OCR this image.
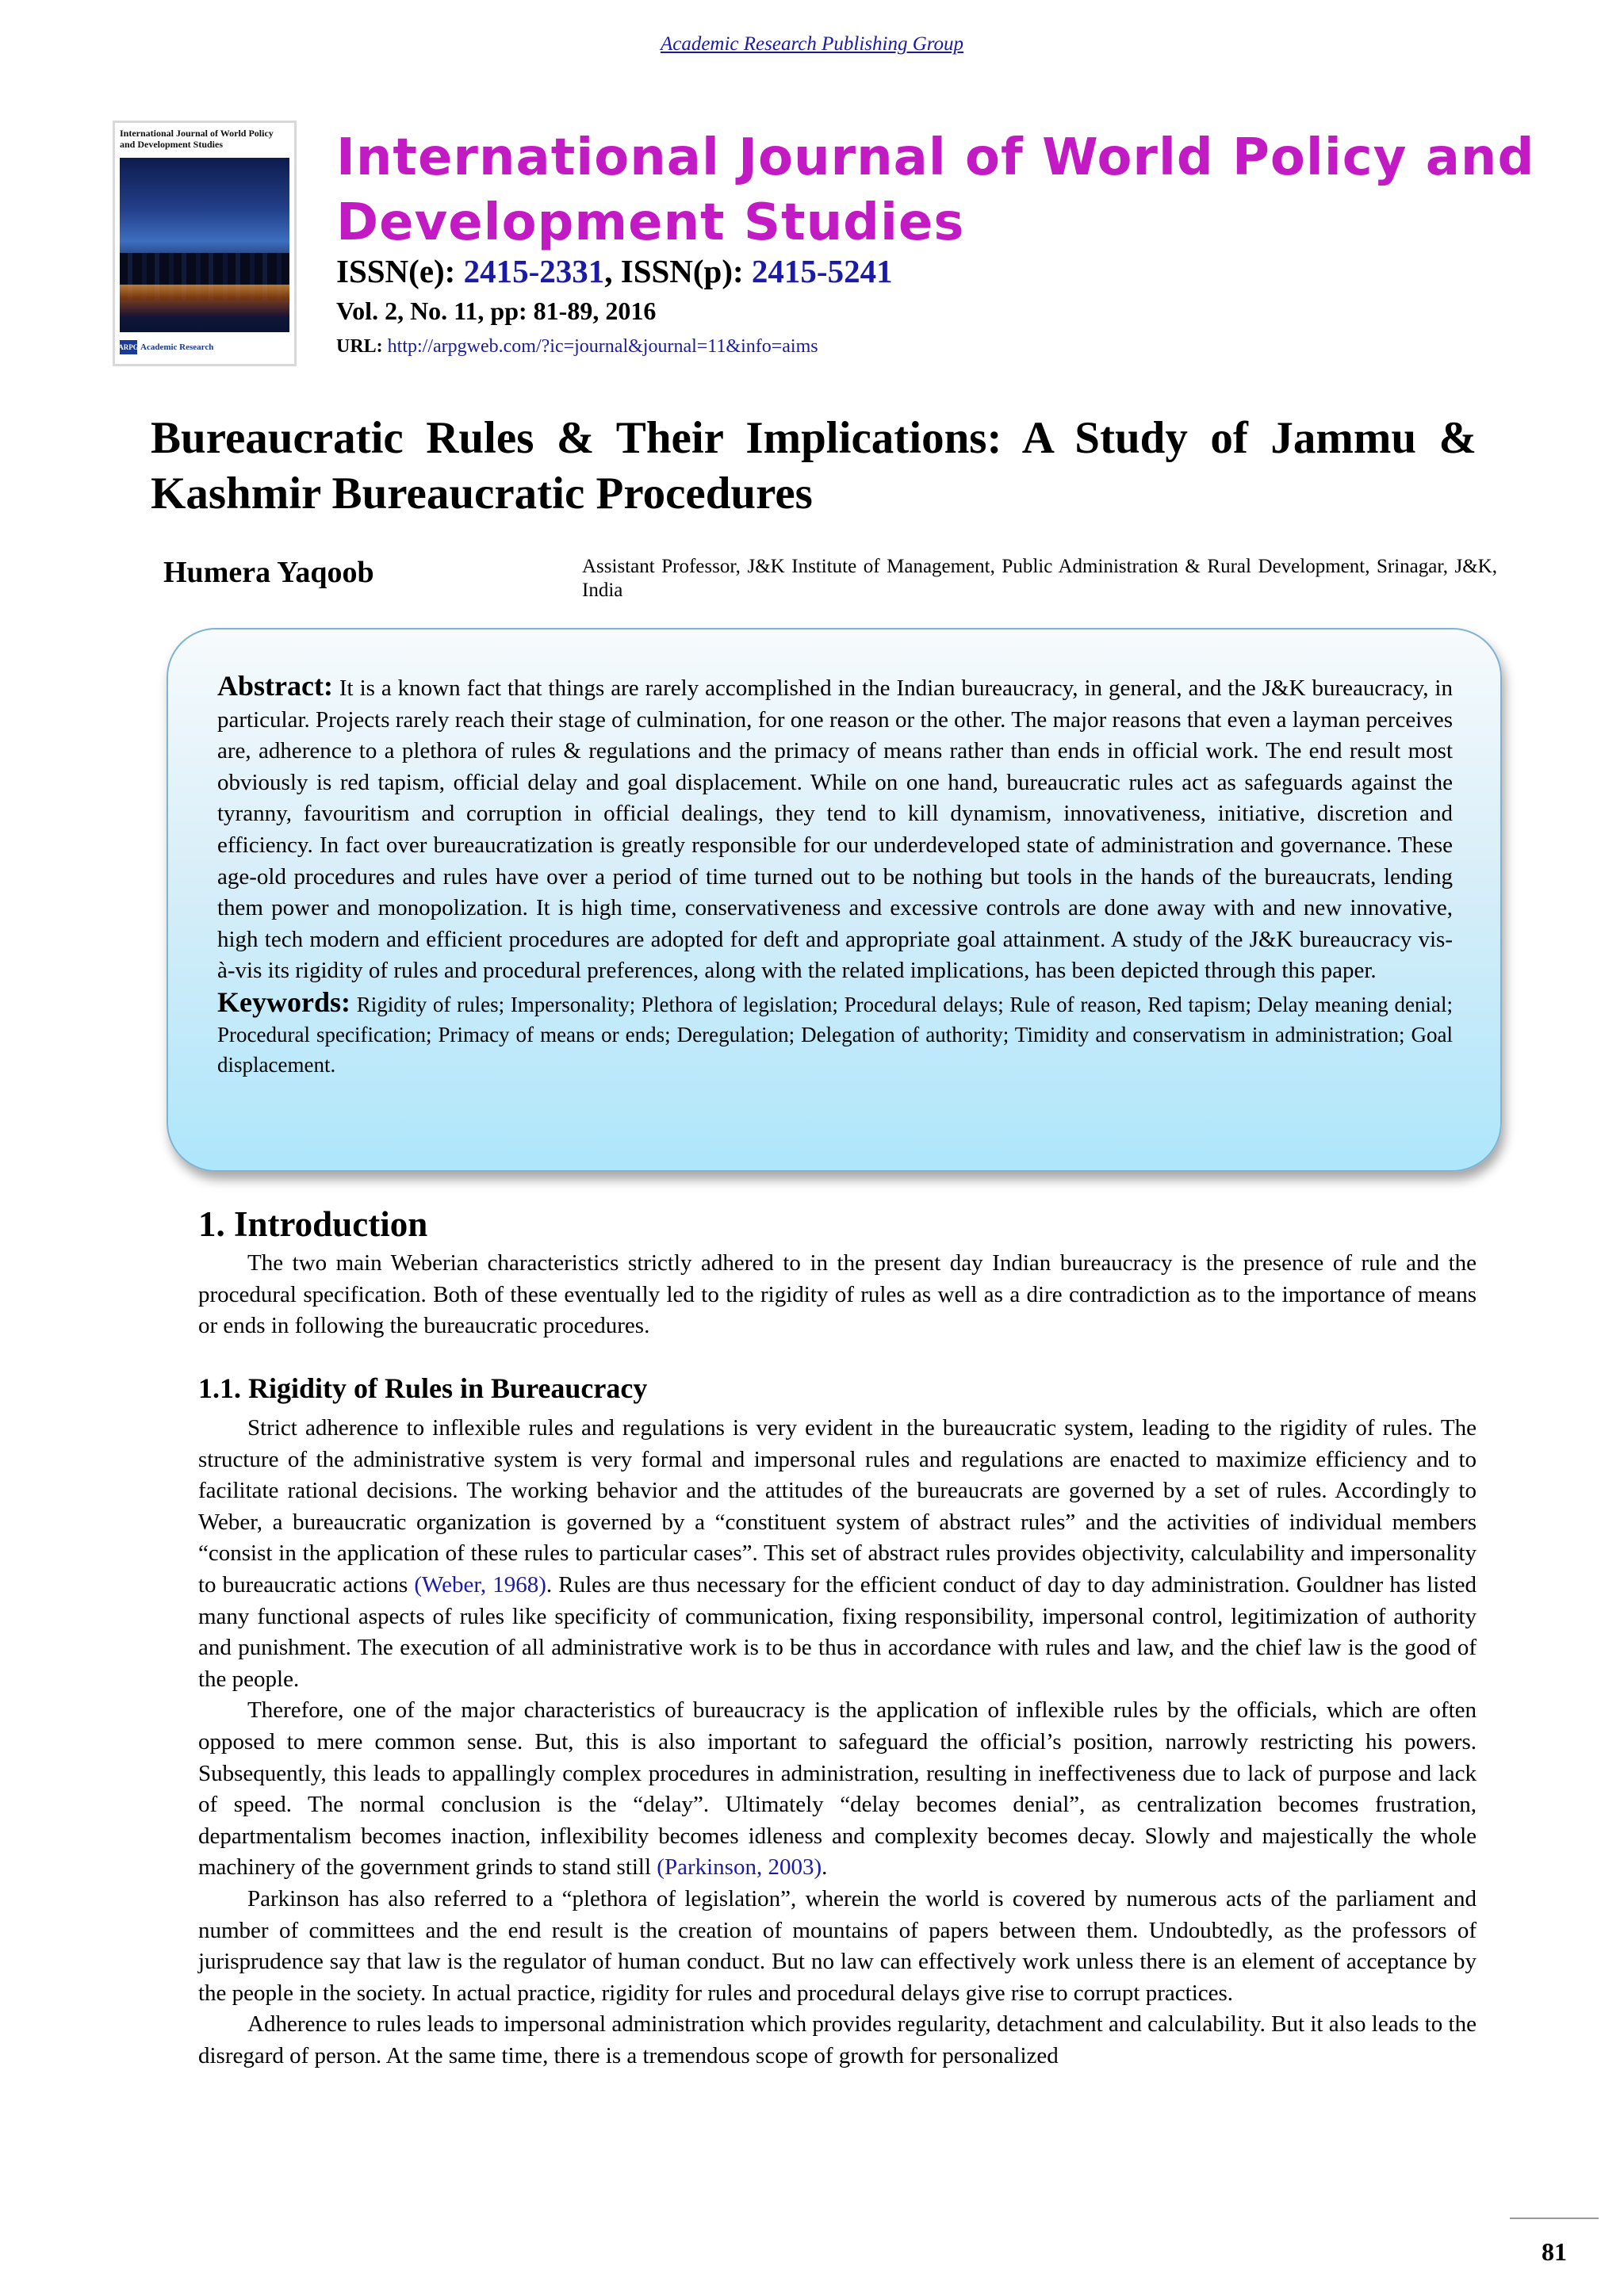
Academic Research Publishing Group
International Journal of World Policy and Development Studies
ARPG Academic Research
International Journal of World Policy and Development Studies
ISSN(e): 2415-2331, ISSN(p): 2415-5241
Vol. 2, No. 11, pp: 81-89, 2016
URL: http://arpgweb.com/?ic=journal&journal=11&info=aims
Bureaucratic Rules & Their Implications: A Study of Jammu & Kashmir Bureaucratic Procedures
Humera Yaqoob	Assistant Professor, J&K Institute of Management, Public Administration & Rural Development, Srinagar, J&K, India

Abstract: It is a known fact that things are rarely accomplished in the Indian bureaucracy, in general, and the J&K bureaucracy, in particular. Projects rarely reach their stage of culmination, for one reason or the other. The major reasons that even a layman perceives are, adherence to a plethora of rules & regulations and the primacy of means rather than ends in official work. The end result most obviously is red tapism, official delay and goal displacement. While on one hand, bureaucratic rules act as safeguards against the tyranny, favouritism and corruption in official dealings, they tend to kill dynamism, innovativeness, initiative, discretion and efficiency. In fact over bureaucratization is greatly responsible for our underdeveloped state of administration and governance. These age-old procedures and rules have over a period of time turned out to be nothing but tools in the hands of the bureaucrats, lending them power and monopolization. It is high time, conservativeness and excessive controls are done away with and new innovative, high tech modern and efficient procedures are adopted for deft and appropriate goal attainment. A study of the J&K bureaucracy vis-à-vis its rigidity of rules and procedural preferences, along with the related implications, has been depicted through this paper.

Keywords: Rigidity of rules; Impersonality; Plethora of legislation; Procedural delays; Rule of reason, Red tapism; Delay meaning denial; Procedural specification; Primacy of means or ends; Deregulation; Delegation of authority; Timidity and conservatism in administration; Goal displacement.

1. Introduction

The two main Weberian characteristics strictly adhered to in the present day Indian bureaucracy is the presence of rule and the procedural specification. Both of these eventually led to the rigidity of rules as well as a dire contradiction as to the importance of means or ends in following the bureaucratic procedures.

1.1. Rigidity of Rules in Bureaucracy

Strict adherence to inflexible rules and regulations is very evident in the bureaucratic system, leading to the rigidity of rules. The structure of the administrative system is very formal and impersonal rules and regulations are enacted to maximize efficiency and to facilitate rational decisions. The working behavior and the attitudes of the bureaucrats are governed by a set of rules. Accordingly to Weber, a bureaucratic organization is governed by a “constituent system of abstract rules” and the activities of individual members “consist in the application of these rules to particular cases”. This set of abstract rules provides objectivity, calculability and impersonality to bureaucratic actions (Weber, 1968). Rules are thus necessary for the efficient conduct of day to day administration. Gouldner has listed many functional aspects of rules like specificity of communication, fixing responsibility, impersonal control, legitimization of authority and punishment. The execution of all administrative work is to be thus in accordance with rules and law, and the chief law is the good of the people.

Therefore, one of the major characteristics of bureaucracy is the application of inflexible rules by the officials, which are often opposed to mere common sense. But, this is also important to safeguard the official’s position, narrowly restricting his powers. Subsequently, this leads to appallingly complex procedures in administration, resulting in ineffectiveness due to lack of purpose and lack of speed. The normal conclusion is the “delay”. Ultimately “delay becomes denial”, as centralization becomes frustration, departmentalism becomes inaction, inflexibility becomes idleness and complexity becomes decay. Slowly and majestically the whole machinery of the government grinds to stand still (Parkinson, 2003).

Parkinson has also referred to a “plethora of legislation”, wherein the world is covered by numerous acts of the parliament and number of committees and the end result is the creation of mountains of papers between them. Undoubtedly, as the professors of jurisprudence say that law is the regulator of human conduct. But no law can effectively work unless there is an element of acceptance by the people in the society. In actual practice, rigidity for rules and procedural delays give rise to corrupt practices.

Adherence to rules leads to impersonal administration which provides regularity, detachment and calculability. But it also leads to the disregard of person. At the same time, there is a tremendous scope of growth for personalized

81
